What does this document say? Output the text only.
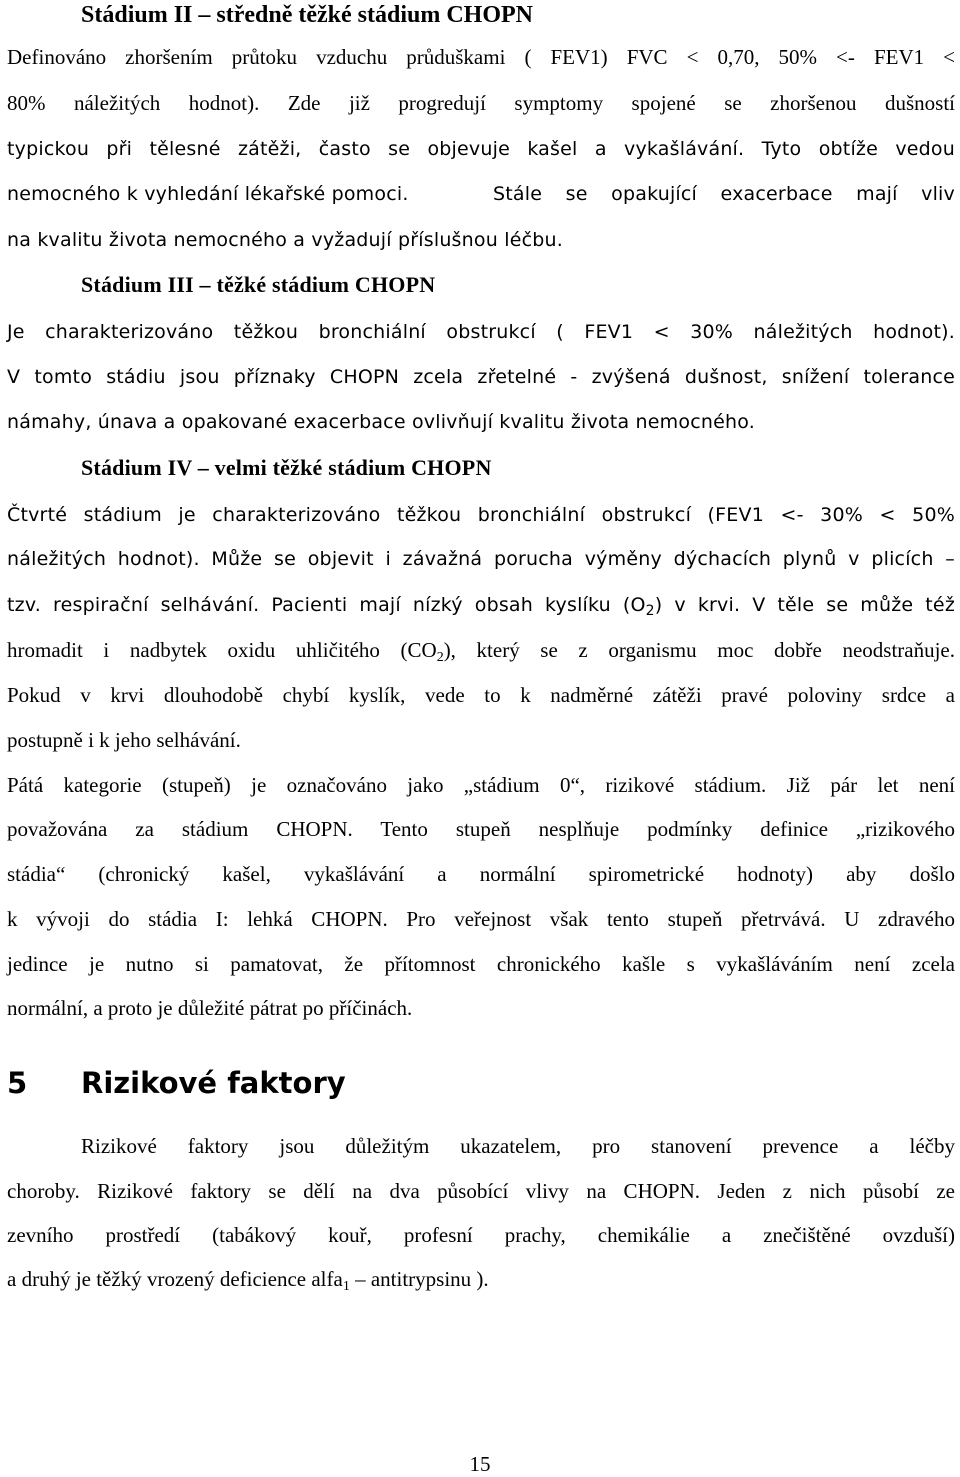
Stádium II – středně těžké stádium CHOPN
Definováno zhoršením průtoku vzduchu průduškami ( FEV1) FVC < 0,70, 50% <- FEV1 <
80% náležitých hodnot). Zde již progredují symptomy spojené se zhoršenou dušností
typickou při tělesné zátěži, často se objevuje kašel a vykašlávání. Tyto obtíže vedou
nemocného k vyhledání lékařské pomoci.	Stále se opakující exacerbace mají vliv
na kvalitu života nemocného a vyžadují příslušnou léčbu.
Stádium III – těžké stádium CHOPN
Je charakterizováno těžkou bronchiální obstrukcí ( FEV1 < 30% náležitých hodnot).
V tomto stádiu jsou příznaky CHOPN zcela zřetelné - zvýšená dušnost, snížení tolerance
námahy, únava a opakované exacerbace ovlivňují kvalitu života nemocného.
Stádium IV – velmi těžké stádium CHOPN
Čtvrté stádium je charakterizováno těžkou bronchiální obstrukcí (FEV1 <- 30% < 50%
náležitých hodnot). Může se objevit i závažná porucha výměny dýchacích plynů v plicích –
tzv. respirační selhávání. Pacienti mají nízký obsah kyslíku $(O_2)$ v krvi. V těle se může též
hromadit i nadbytek oxidu uhličitého $(CO_2)$, který se z organismu moc dobře neodstraňuje.
Pokud v krvi dlouhodobě chybí kyslík, vede to k nadměrné zátěži pravé poloviny srdce a
postupně i k jeho selhávání.
Pátá kategorie (stupeň) je označováno jako „stádium 0“, rizikové stádium. Již pár let není
považována za stádium CHOPN. Tento stupeň nesplňuje podmínky definice „rizikového
stádia“ (chronický kašel, vykašlávání a normální spirometrické hodnoty) aby došlo
k vývoji do stádia I: lehká CHOPN. Pro veřejnost však tento stupeň přetrvává. U zdravého
jedince je nutno si pamatovat, že přítomnost chronického kašle s vykašláváním není zcela
normální, a proto je důležité pátrat po příčinách.
5 Rizikové faktory
Rizikové faktory jsou důležitým ukazatelem, pro stanovení prevence a léčby
choroby. Rizikové faktory se dělí na dva působící vlivy na CHOPN. Jeden z nich působí ze
zevního prostředí (tabákový kouř, profesní prachy, chemikálie a znečištěné ovzduší)
a druhý je těžký vrozený deficience alfa$_1$ – antitrypsinu ).
15
